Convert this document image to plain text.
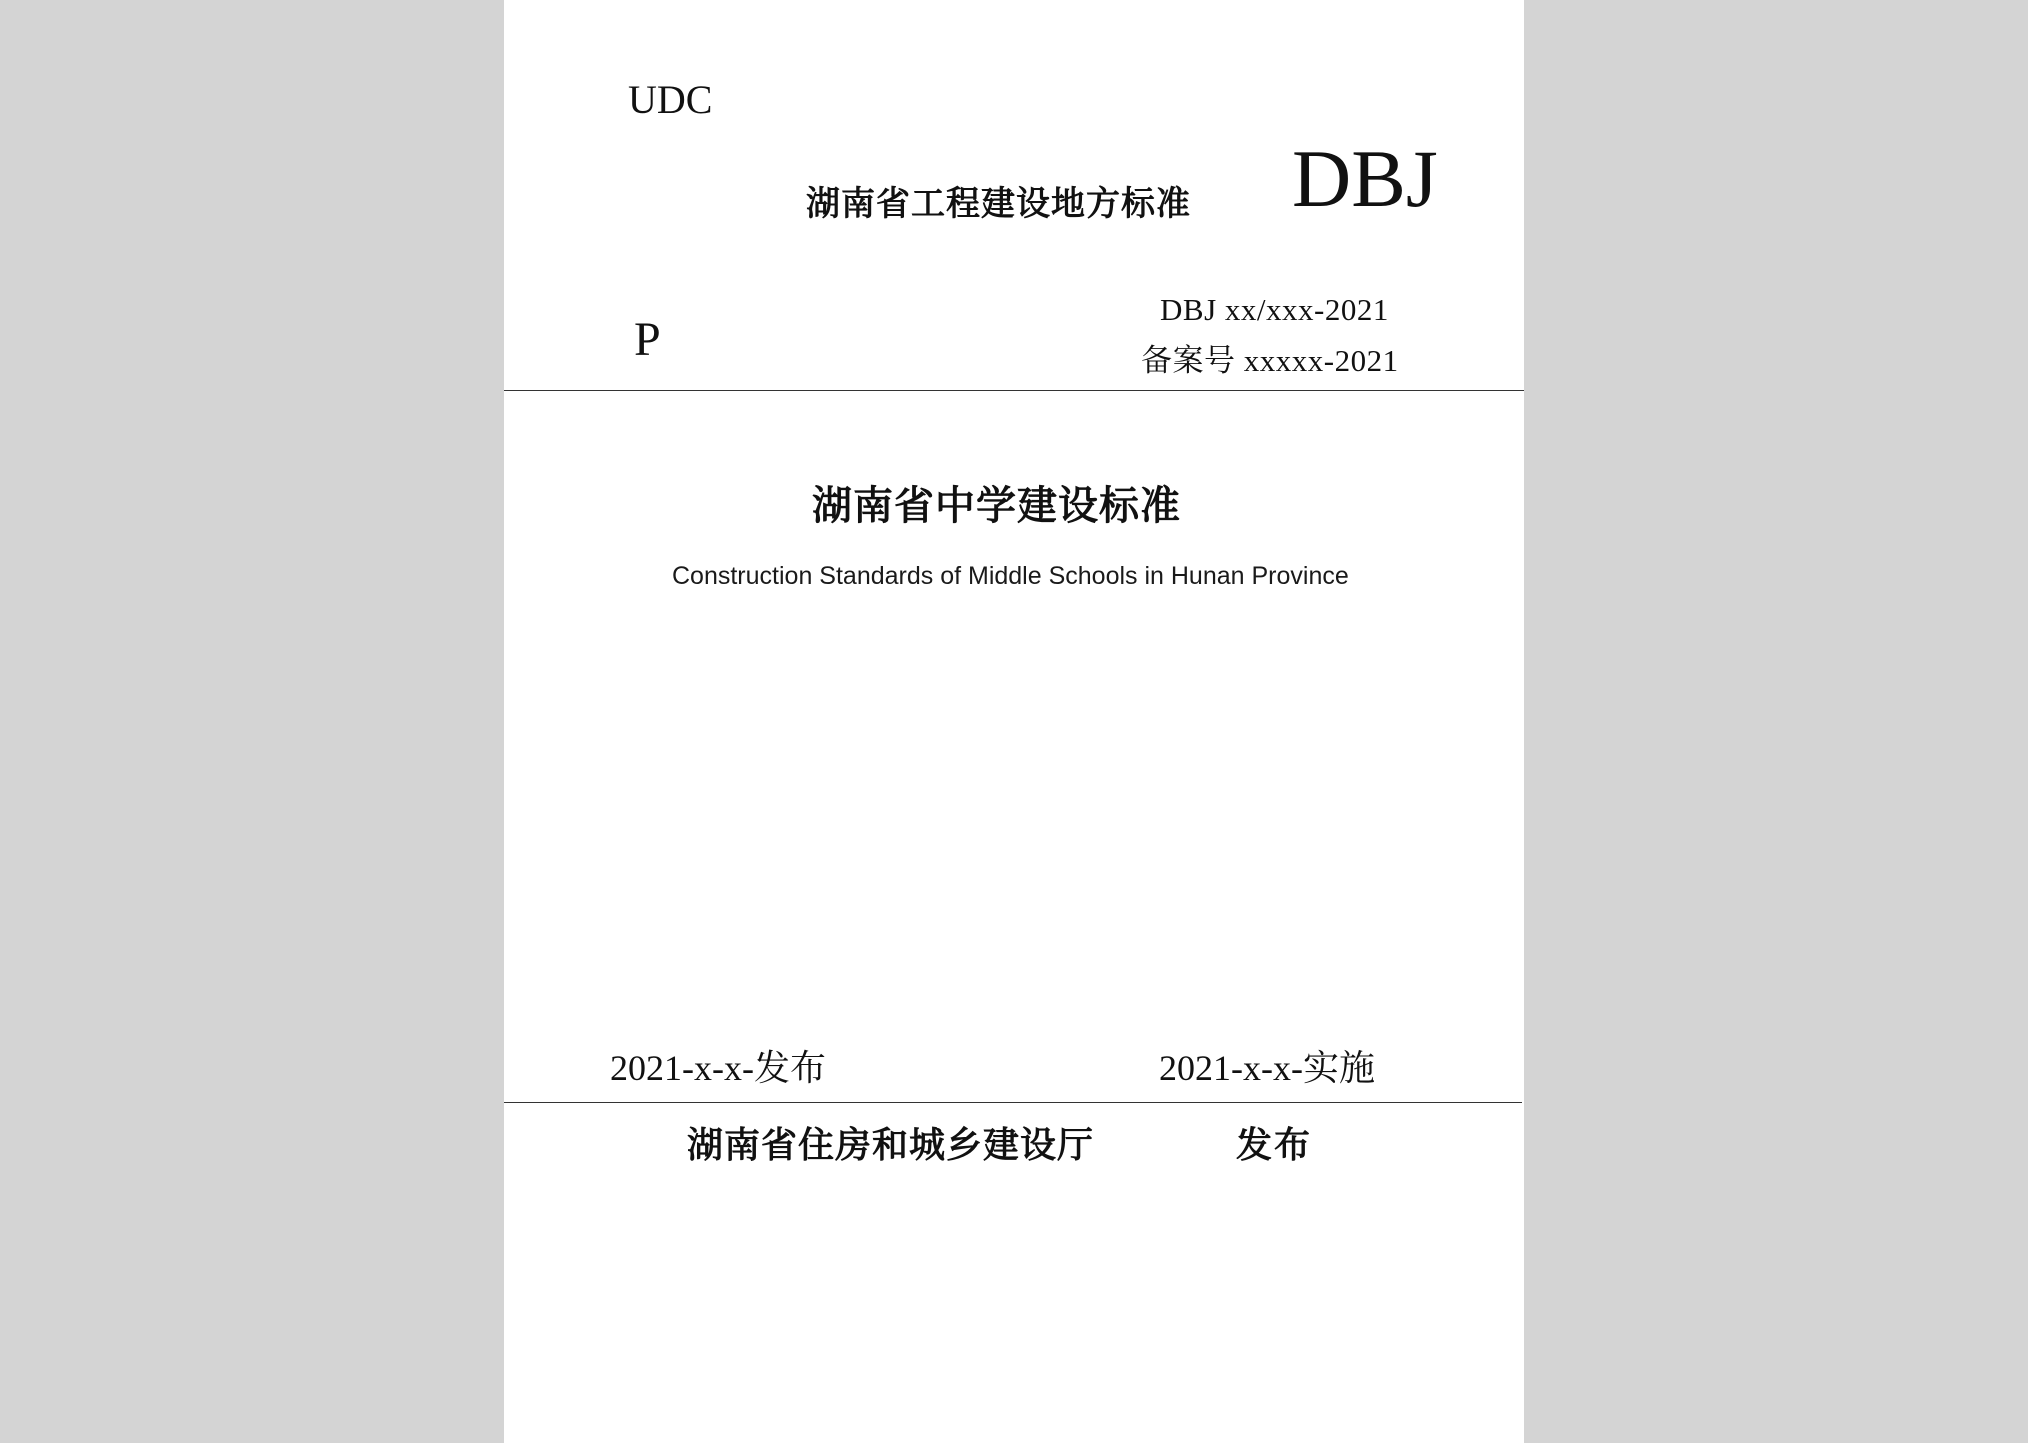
UDC
湖南省工程建设地方标准 DBJ
P
DBJ xx/xxx-2021
备案号 xxxxx-2021
湖南省中学建设标准
Construction Standards of Middle Schools in Hunan Province
2021-x-x-发布	2021-x-x-实施
湖南省住房和城乡建设厅	发布
